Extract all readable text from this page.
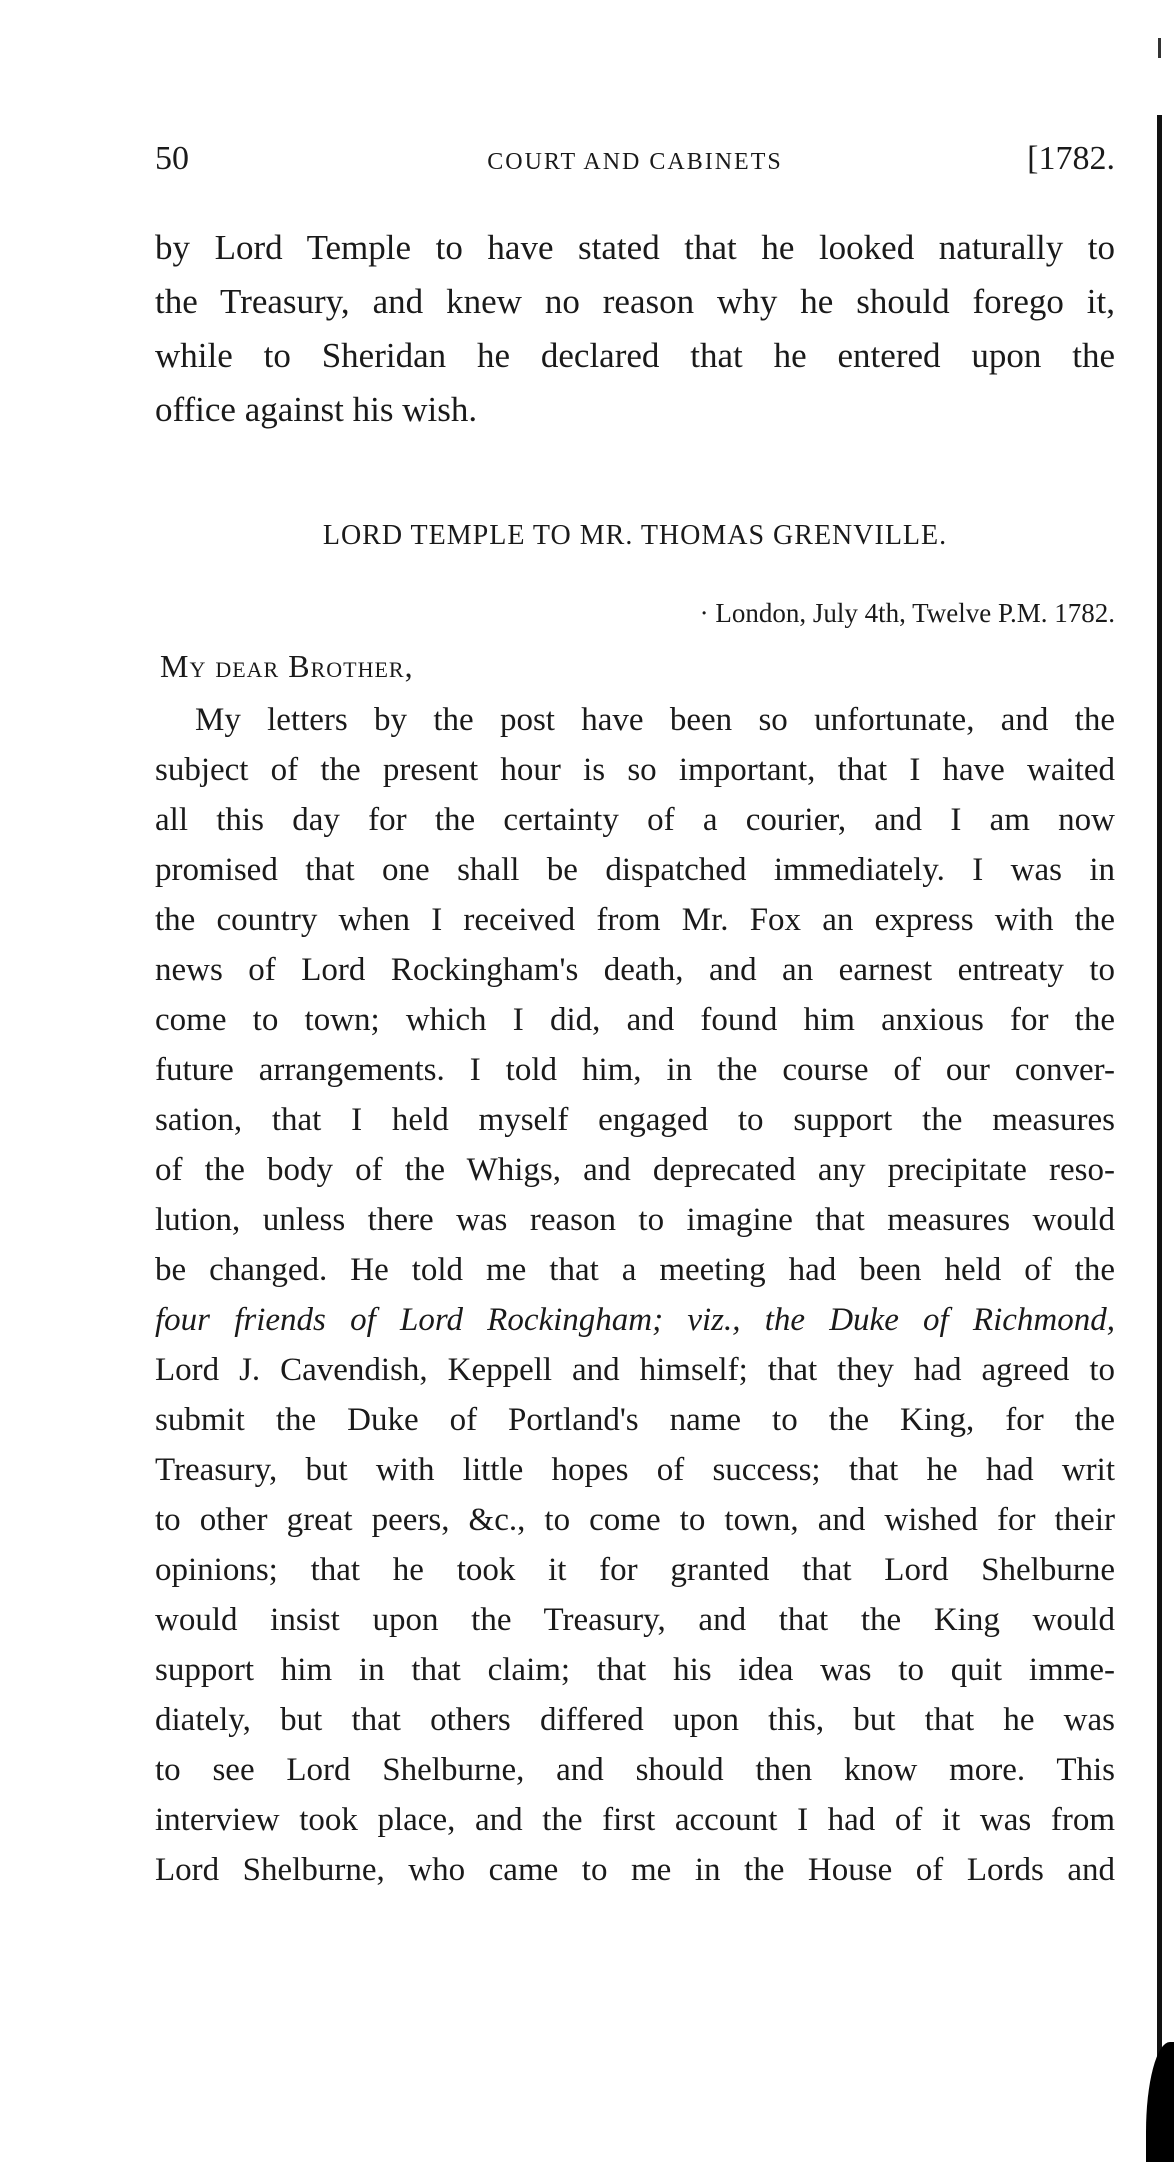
50	COURT AND CABINETS	[1782.
by Lord Temple to have stated that he looked naturally to
the Treasury, and knew no reason why he should forego it,
while to Sheridan he declared that he entered upon the
office against his wish.
LORD TEMPLE TO MR. THOMAS GRENVILLE.
· London, July 4th, Twelve P.M. 1782.
My dear Brother,
My letters by the post have been so unfortunate, and the
subject of the present hour is so important, that I have waited
all this day for the certainty of a courier, and I am now
promised that one shall be dispatched immediately. I was in
the country when I received from Mr. Fox an express with the
news of Lord Rockingham's death, and an earnest entreaty to
come to town; which I did, and found him anxious for the
future arrangements. I told him, in the course of our conver-
sation, that I held myself engaged to support the measures
of the body of the Whigs, and deprecated any precipitate reso-
lution, unless there was reason to imagine that measures would
be changed. He told me that a meeting had been held of the
four friends of Lord Rockingham; viz., the Duke of Richmond,
Lord J. Cavendish, Keppell and himself; that they had agreed to
submit the Duke of Portland's name to the King, for the
Treasury, but with little hopes of success; that he had writ
to other great peers, &c., to come to town, and wished for their
opinions; that he took it for granted that Lord Shelburne
would insist upon the Treasury, and that the King would
support him in that claim; that his idea was to quit imme-
diately, but that others differed upon this, but that he was
to see Lord Shelburne, and should then know more. This
interview took place, and the first account I had of it was from
Lord Shelburne, who came to me in the House of Lords and
